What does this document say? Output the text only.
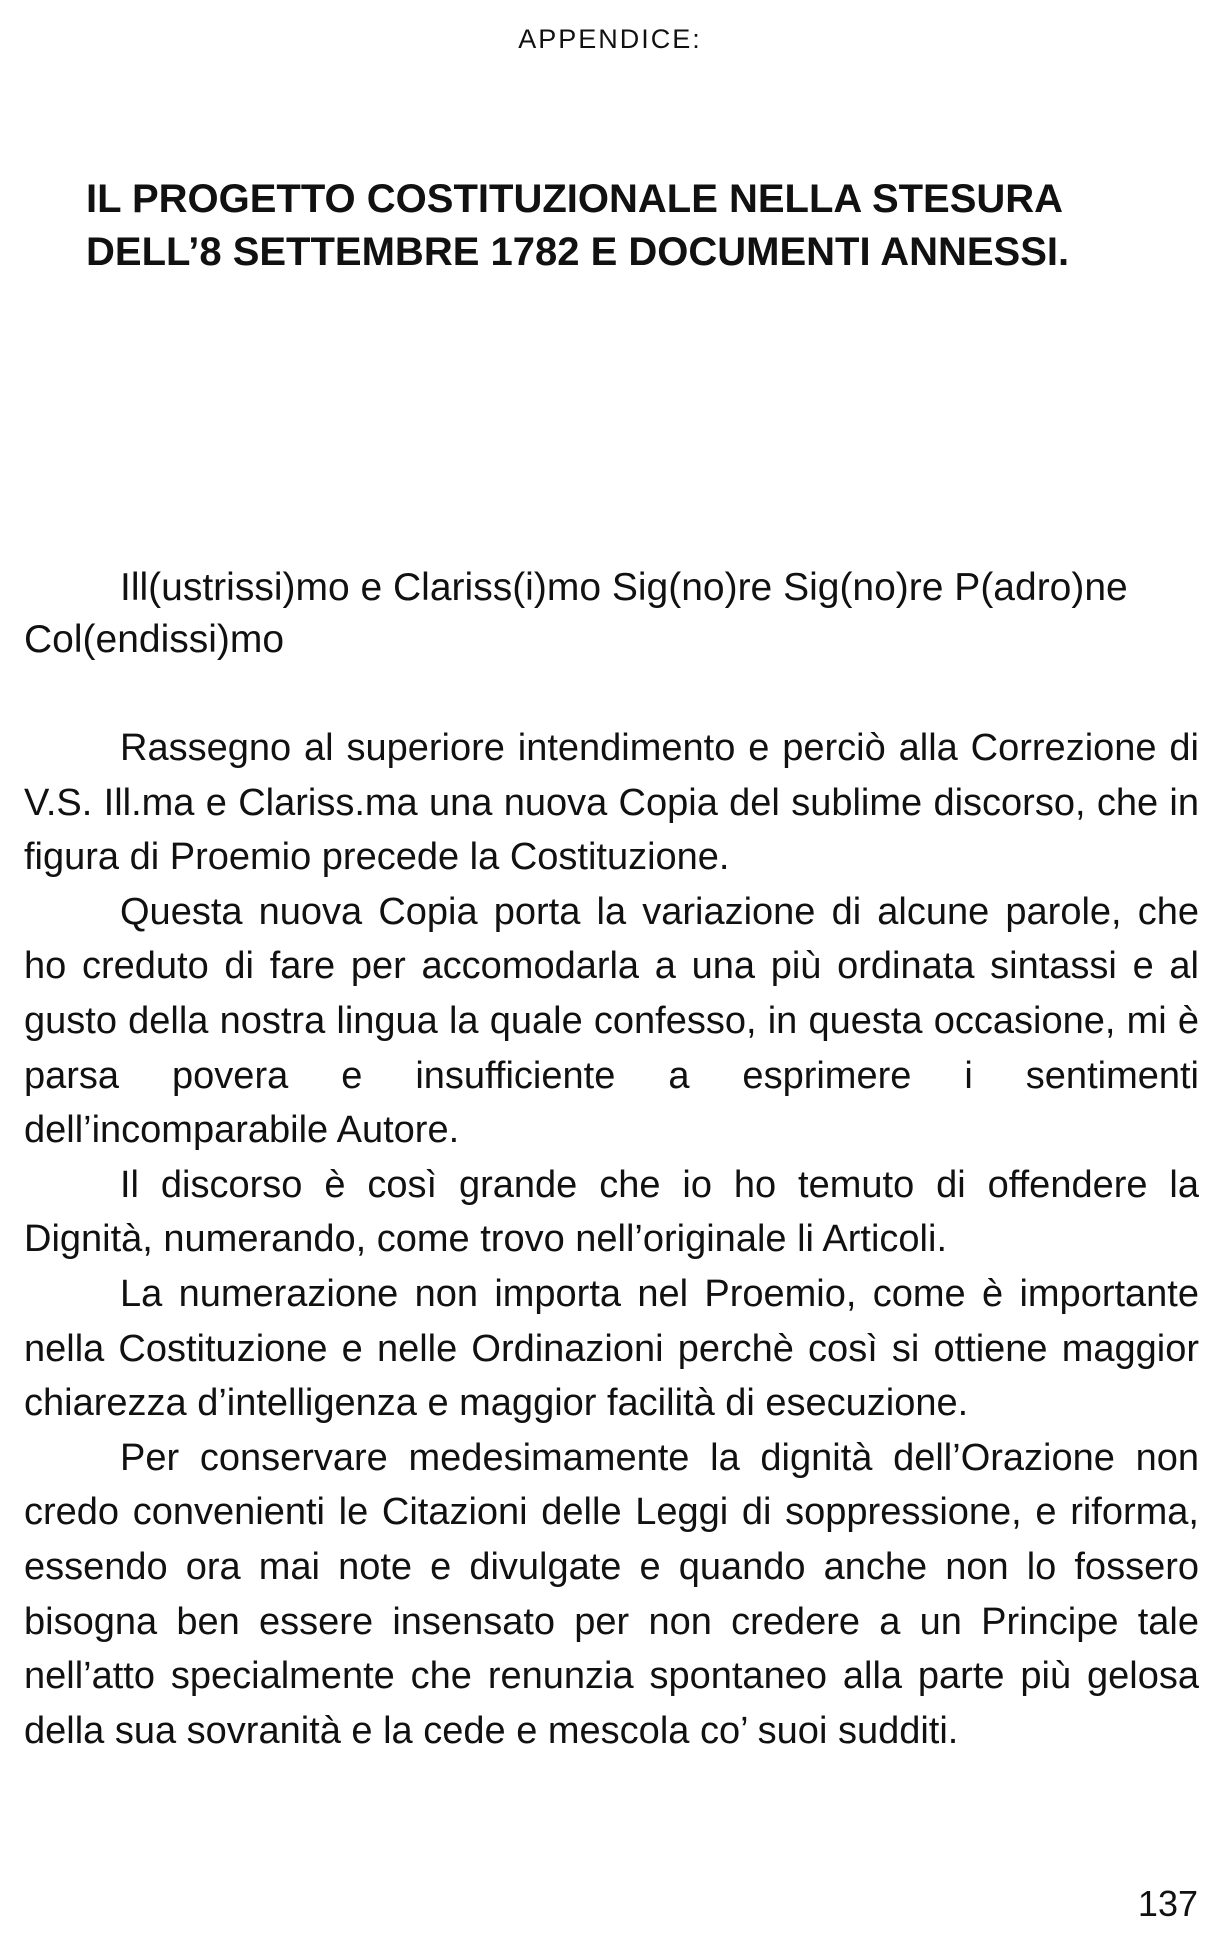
APPENDICE:
IL PROGETTO COSTITUZIONALE NELLA STESURA
DELL’8 SETTEMBRE 1782 E DOCUMENTI ANNESSI.
Ill(ustrissi)mo e Clariss(i)mo Sig(no)re Sig(no)re P(adro)ne
Col(endissi)mo

Rassegno al superiore intendimento e perciò alla Correzione di V.S. Ill.ma e Clariss.ma una nuova Copia del sublime discorso, che in figura di Proemio precede la Costituzione.

Questa nuova Copia porta la variazione di alcune parole, che ho creduto di fare per accomodarla a una più ordinata sintassi e al gusto della nostra lingua la quale confesso, in questa occasione, mi è parsa povera e insufficiente a esprimere i sentimenti dell’incomparabile Autore.

Il discorso è così grande che io ho temuto di offendere la Dignità, numerando, come trovo nell’originale li Articoli.

La numerazione non importa nel Proemio, come è importante nella Costituzione e nelle Ordinazioni perchè così si ottiene maggior chiarezza d’intelligenza e maggior facilità di esecuzione.

Per conservare medesimamente la dignità dell’Orazione non credo convenienti le Citazioni delle Leggi di soppressione, e riforma, essendo ora mai note e divulgate e quando anche non lo fossero bisogna ben essere insensato per non credere a un Principe tale nell’atto specialmente che renunzia spontaneo alla parte più gelosa della sua sovranità e la cede e mescola co’ suoi sudditi.

137
